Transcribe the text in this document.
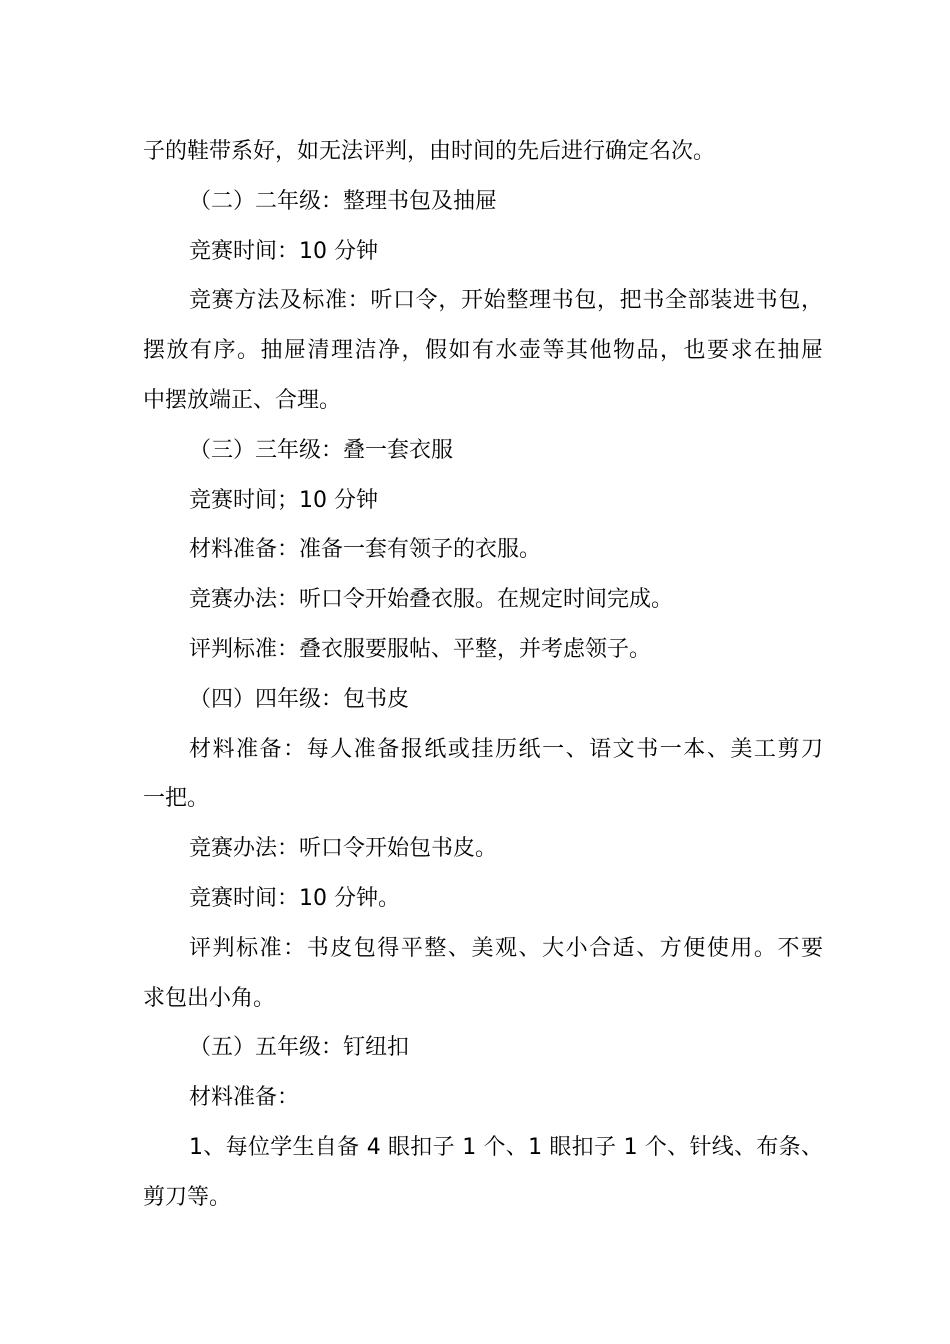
子的鞋带系好，如无法评判，由时间的先后进行确定名次。
（二）二年级：整理书包及抽屉
竞赛时间：10 分钟
竞赛方法及标准：听口令，开始整理书包，把书全部装进书包，
摆放有序。抽屉清理洁净，假如有水壶等其他物品，也要求在抽屉
中摆放端正、合理。
（三）三年级：叠一套衣服
竞赛时间；10 分钟
材料准备：准备一套有领子的衣服。
竞赛办法：听口令开始叠衣服。在规定时间完成。
评判标准：叠衣服要服帖、平整，并考虑领子。
（四）四年级：包书皮
材料准备：每人准备报纸或挂历纸一、语文书一本、美工剪刀
一把。
竞赛办法：听口令开始包书皮。
竞赛时间：10 分钟。
评判标准：书皮包得平整、美观、大小合适、方便使用。不要
求包出小角。
（五）五年级：钉纽扣
材料准备：
1、每位学生自备 4 眼扣子 1 个、1 眼扣子 1 个、针线、布条、
剪刀等。
